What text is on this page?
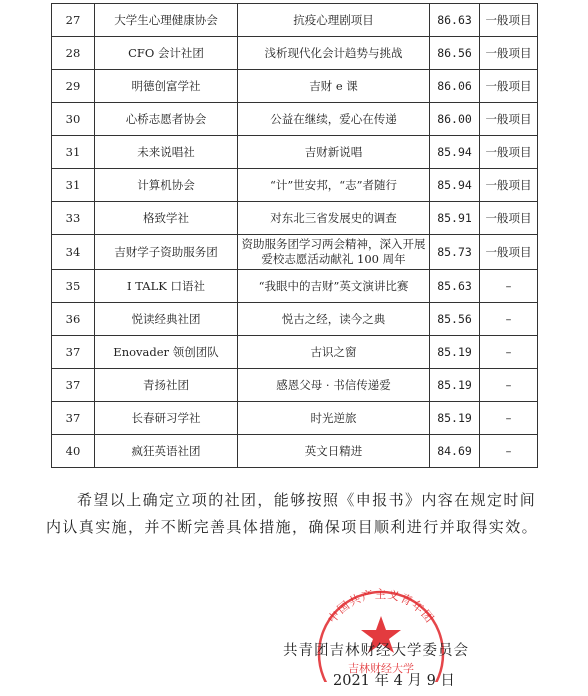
27	大学生心理健康协会	抗疫心理剧项目	86.63	一般项目
28	CFO 会计社团	浅析现代化会计趋势与挑战	86.56	一般项目
29	明德创富学社	吉财 e 课	86.06	一般项目
30	心桥志愿者协会	公益在继续，爱心在传递	86.00	一般项目
31	未来说唱社	吉财新说唱	85.94	一般项目
31	计算机协会	“计”世安邦，“志”者随行	85.94	一般项目
33	格致学社	对东北三省发展史的调查	85.91	一般项目
34	吉财学子资助服务团	资助服务团学习两会精神，深入开展爱校志愿活动献礼 100 周年	85.73	一般项目
35	I TALK 口语社	“我眼中的吉财”英文演讲比赛	85.63	–
36	悦读经典社团	悦古之经，读今之典	85.56	–
37	Enovader 领创团队	古识之窗	85.19	–
37	青扬社团	感恩父母 · 书信传递爱	85.19	–
37	长春研习学社	时光逆旅	85.19	–
40	疯狂英语社团	英文日精进	84.69	–

希望以上确定立项的社团，能够按照《申报书》内容在规定时间内认真实施，并不断完善具体措施，确保项目顺利进行并取得实效。

中国共产主义青年团
吉林财经大学
共青团吉林财经大学委员会
2021 年 4 月 9 日
